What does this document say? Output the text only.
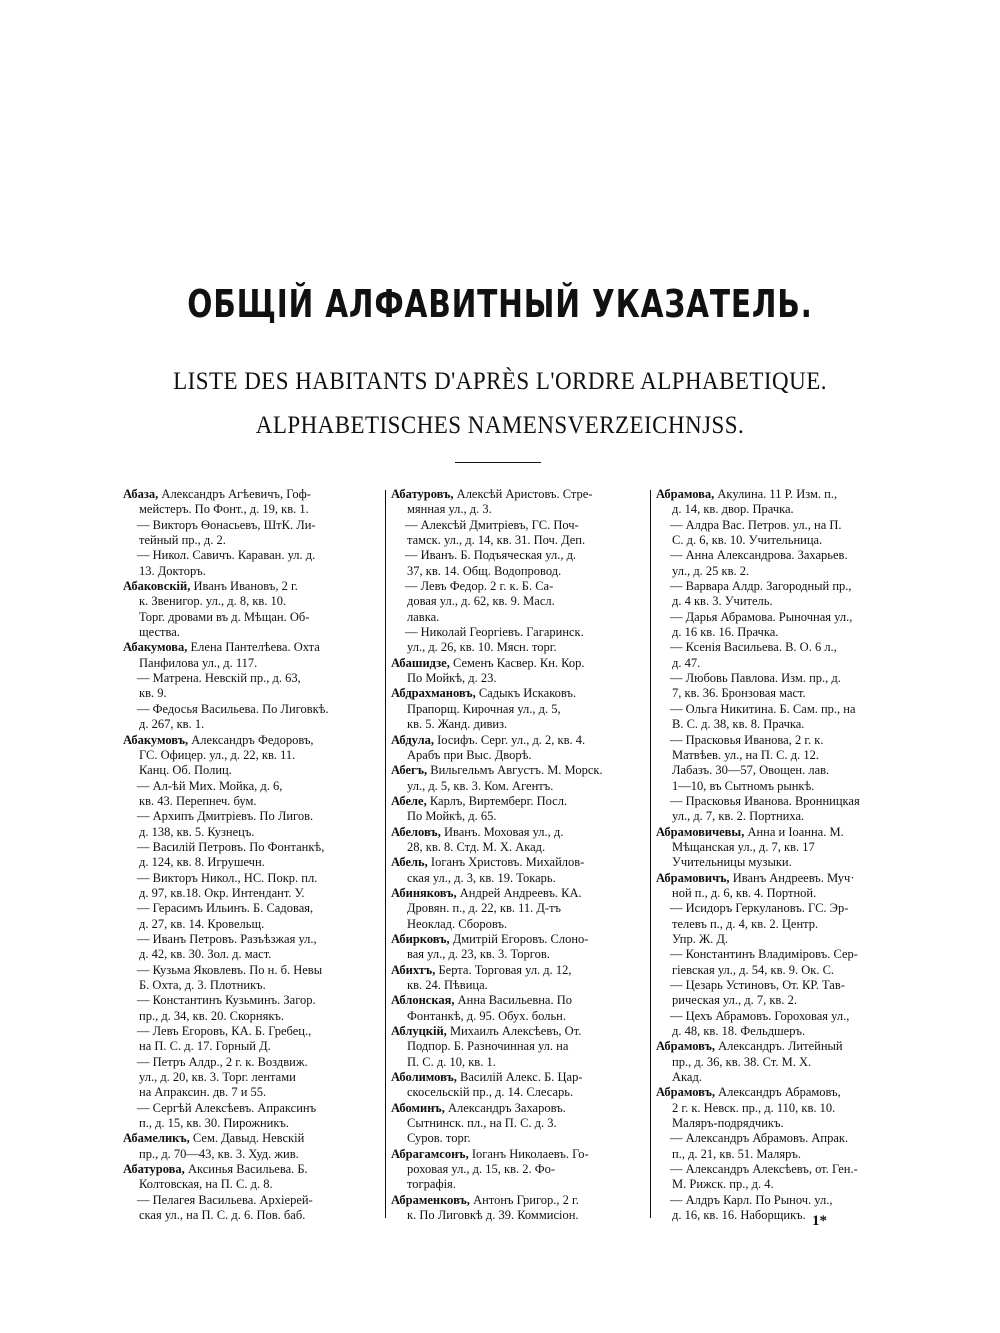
ОБЩІЙ АЛФАВИТНЫЙ УКАЗАТЕЛЬ.
LISTE DES HABITANTS D'APRÈS L'ORDRE ALPHABETIQUE.
ALPHABETISCHES NAMENSVERZEICHNJSS.
Абаза, Александръ Агѣевичъ, Гоф-
мейстеръ. По Фонт., д. 19, кв. 1.
— Викторъ Ѳонасьевъ, ШтК. Ли-
тейный пр., д. 2.
— Никол. Савичъ. Караван. ул. д.
13. Докторъ.
Абаковскій, Иванъ Ивановъ, 2 г.
к. Звенигор. ул., д. 8, кв. 10.
Торг. дровами въ д. Мѣщан. Об-
щества.
Абакумова, Елена Пантелѣева. Охта
Панфилова ул., д. 117.
— Матрена. Невскій пр., д. 63,
кв. 9.
— Федосья Васильева. По Лиговкѣ.
д. 267, кв. 1.
Абакумовъ, Александръ Федоровъ,
ГС. Офицер. ул., д. 22, кв. 11.
Канц. Об. Полиц.
— Ал-ѣй Мих. Мойка, д. 6,
кв. 43. Перепнеч. бум.
— Архипъ Дмитріевъ. По Лигов.
д. 138, кв. 5. Кузнецъ.
— Василій Петровъ. По Фонтанкѣ,
д. 124, кв. 8. Игрушечн.
— Викторъ Никол., НС. Покр. пл.
д. 97, кв.18. Окр. Интендант. У.
— Герасимъ Ильинъ. Б. Садовая,
д. 27, кв. 14. Кровельщ.
— Иванъ Петровъ. Разъѣзжая ул.,
д. 42, кв. 30. Зол. д. маст.
— Кузьма Яковлевъ. По н. б. Невы
Б. Охта, д. 3. Плотникъ.
— Константинъ Кузьминъ. Загор.
пр., д. 34, кв. 20. Скорнякъ.
— Левъ Егоровъ, КА. Б. Гребец.,
на П. С. д. 17. Горный Д.
— Петръ Алдр., 2 г. к. Воздвиж.
ул., д. 20, кв. 3. Торг. лентами
на Апраксин. дв. 7 и 55.
— Сергѣй Алексѣевъ. Апраксинъ
п., д. 15, кв. 30. Пирожникъ.
Абамеликъ, Сем. Давыд. Невскій
пр., д. 70—43, кв. 3. Худ. жив.
Абатурова, Аксинья Васильева. Б.
Колтовская, на П. С. д. 8.
— Пелагея Васильева. Архіерей-
ская ул., на П. С. д. 6. Пов. баб.
Абатуровъ, Алексѣй Аристовъ. Стре-
мянная ул., д. 3.
— Алексѣй Дмитріевъ, ГС. Поч-
тамск. ул., д. 14, кв. 31. Поч. Деп.
— Иванъ. Б. Подъяческая ул., д.
37, кв. 14. Общ. Водопровод.
— Левъ Федор. 2 г. к. Б. Са-
довая ул., д. 62, кв. 9. Масл.
лавка.
— Николай Георгіевъ. Гагаринск.
ул., д. 26, кв. 10. Мясн. торг.
Абашидзе, Семенъ Касвер. Кн. Кор.
По Мойкѣ, д. 23.
Абдрахмановъ, Садыкъ Искаковъ.
Прапорщ. Кирочная ул., д. 5,
кв. 5. Жанд. дивиз.
Абдула, Іосифъ. Серг. ул., д. 2, кв. 4.
Арабъ при Выс. Дворѣ.
Абегъ, Вильгельмъ Августъ. М. Морск.
ул., д. 5, кв. 3. Ком. Агентъ.
Абеле, Карлъ, Виртемберг. Посл.
По Мойкѣ, д. 65.
Абеловъ, Иванъ. Моховая ул., д.
28, кв. 8. Стд. М. Х. Акад.
Абель, Іоганъ Христовъ. Михайлов-
ская ул., д. 3, кв. 19. Токарь.
Абиняковъ, Андрей Андреевъ. КА.
Дровян. п., д. 22, кв. 11. Д-тъ
Неоклад. Сборовъ.
Абирковъ, Дмитрій Егоровъ. Слоно-
вая ул., д. 23, кв. 3. Торгов.
Абихтъ, Берта. Торговая ул. д. 12,
кв. 24. Пѣвица.
Аблонская, Анна Васильевна. По
Фонтанкѣ, д. 95. Обух. больн.
Аблуцкій, Михаилъ Алексѣевъ, От.
Подпор. Б. Разночинная ул. на
П. С. д. 10, кв. 1.
Аболимовъ, Василій Алекс. Б. Цар-
скосельскій пр., д. 14. Слесарь.
Абоминъ, Александръ Захаровъ.
Сытнинск. пл., на П. С. д. 3.
Суров. торг.
Абрагамсонъ, Іоганъ Николаевъ. Го-
роховая ул., д. 15, кв. 2. Фо-
тографія.
Абраменковъ, Антонъ Григор., 2 г.
к. По Лиговкѣ д. 39. Коммисіон.
Абрамова, Акулина. 11 Р. Изм. п.,
д. 14, кв. двор. Прачка.
— Алдра Вас. Петров. ул., на П.
С. д. 6, кв. 10. Учительница.
— Анна Александрова. Захарьев.
ул., д. 25 кв. 2.
— Варвара Алдр. Загородный пр.,
д. 4 кв. 3. Учитель.
— Дарья Абрамова. Рыночная ул.,
д. 16 кв. 16. Прачка.
— Ксенія Васильева. В. О. 6 л.,
д. 47.
— Любовь Павлова. Изм. пр., д.
7, кв. 36. Бронзовая маст.
— Ольга Никитина. Б. Сам. пр., на
В. С. д. 38, кв. 8. Прачка.
— Прасковья Иванова, 2 г. к.
Матвѣев. ул., на П. С. д. 12.
Лабазъ. 30—57, Овощен. лав.
1—10, въ Сытномъ рынкѣ.
— Прасковья Иванова. Вронницкая
ул., д. 7, кв. 2. Портниха.
Абрамовичевы, Анна и Іоанна. М.
Мѣщанская ул., д. 7, кв. 17
Учительницы музыки.
Абрамовичъ, Иванъ Андреевъ. Муч·
ной п., д. 6, кв. 4. Портной.
— Исидоръ Геркулановъ. ГС. Эр-
телевъ п., д. 4, кв. 2. Центр.
Упр. Ж. Д.
— Константинъ Владиміровъ. Сер-
гіевская ул., д. 54, кв. 9. Ок. С.
— Цезарь Устиновъ, От. КР. Тав-
рическая ул., д. 7, кв. 2.
— Цехъ Абрамовъ. Гороховая ул.,
д. 48, кв. 18. Фельдшеръ.
Абрамовъ, Александръ. Литейный
пр., д. 36, кв. 38. Ст. М. Х.
Акад.
Абрамовъ, Александръ Абрамовъ,
2 г. к. Невск. пр., д. 110, кв. 10.
Маляръ-подрядчикъ.
— Александръ Абрамовъ. Апрак.
п., д. 21, кв. 51. Маляръ.
— Александръ Алексѣевъ, от. Ген.-
М. Рижск. пр., д. 4.
— Алдръ Карл. По Рыноч. ул.,
д. 16, кв. 16. Наборщикъ. 1*
